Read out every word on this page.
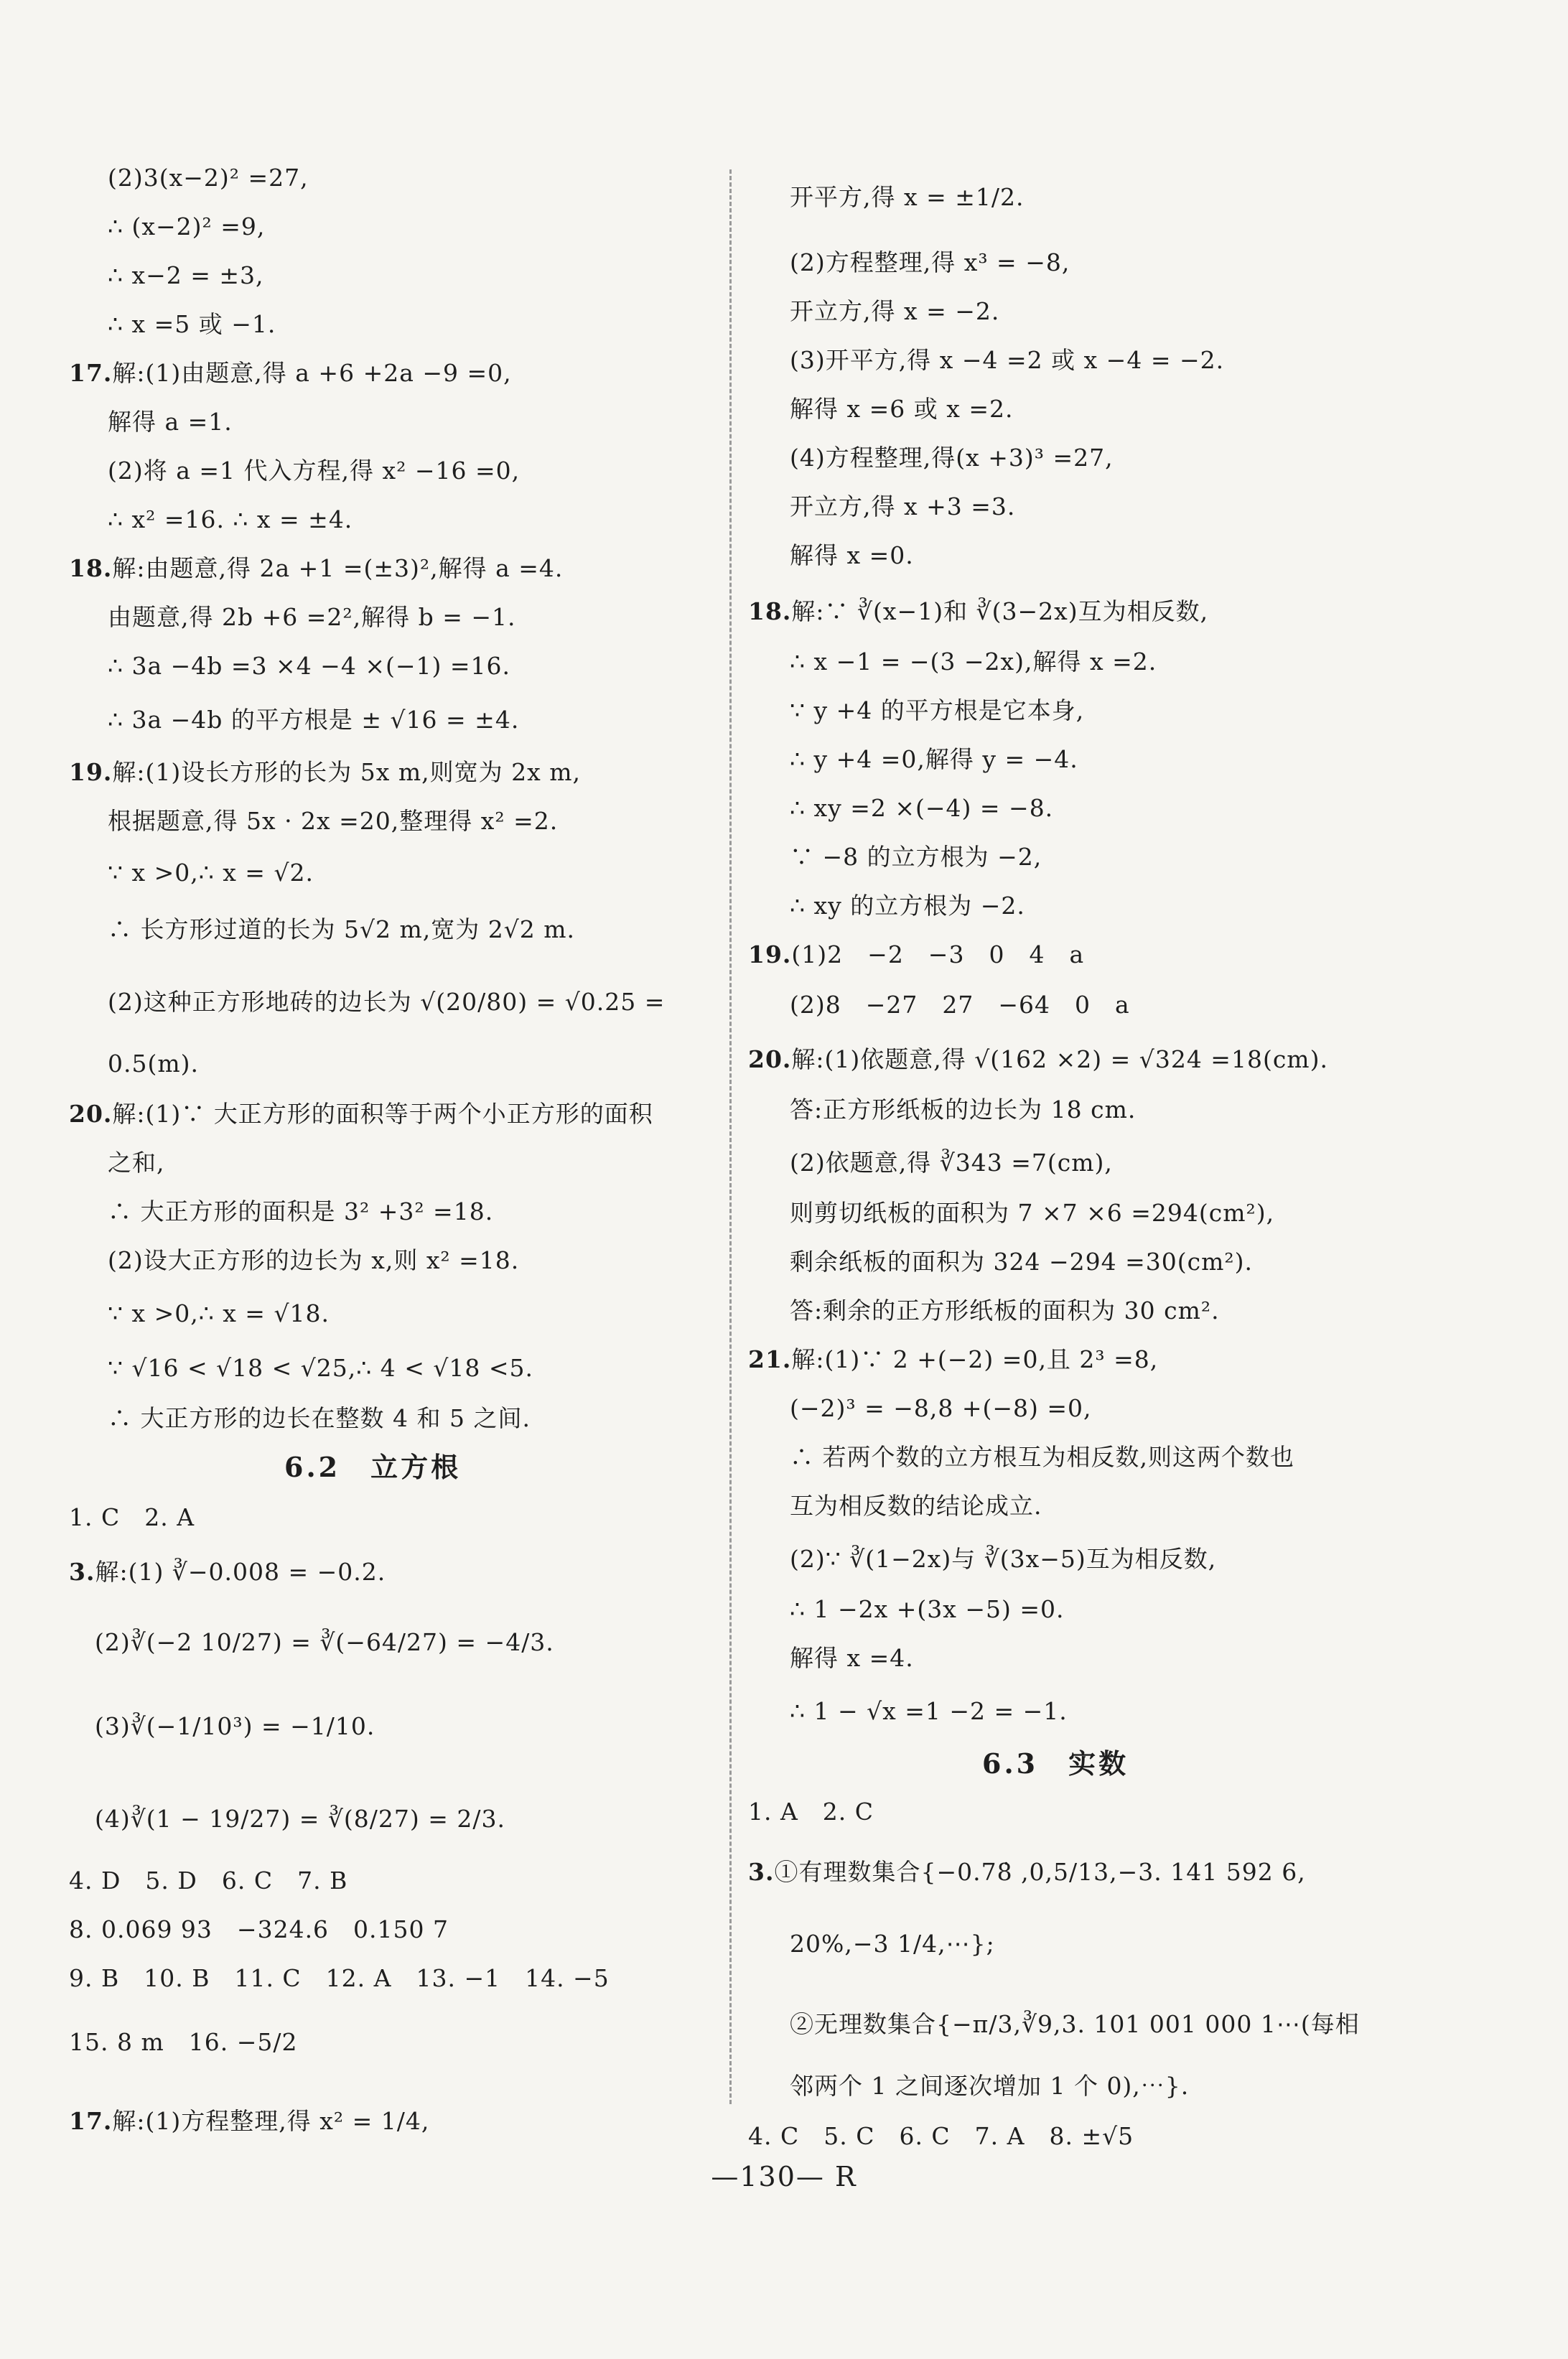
(2)3(x−2)² =27,
∴ (x−2)² =9,
∴ x−2 = ±3,
∴ x =5 或 −1.
17.解:(1)由题意,得 a +6 +2a −9 =0,
解得 a =1.
(2)将 a =1 代入方程,得 x² −16 =0,
∴ x² =16. ∴ x = ±4.
18.解:由题意,得 2a +1 =(±3)²,解得 a =4.
由题意,得 2b +6 =2²,解得 b = −1.
∴ 3a −4b =3 ×4 −4 ×(−1) =16.
∴ 3a −4b 的平方根是 ± √16 = ±4.
19.解:(1)设长方形的长为 5x m,则宽为 2x m,
根据题意,得 5x · 2x =20,整理得 x² =2.
∵ x >0,∴ x = √2.
∴ 长方形过道的长为 5√2 m,宽为 2√2 m.
(2)这种正方形地砖的边长为 √(20/80) = √0.25 =
0.5(m).
20.解:(1)∵ 大正方形的面积等于两个小正方形的面积
之和,
∴ 大正方形的面积是 3² +3² =18.
(2)设大正方形的边长为 x,则 x² =18.
∵ x >0,∴ x = √18.
∵ √16 < √18 < √25,∴ 4 < √18 <5.
∴ 大正方形的边长在整数 4 和 5 之间.
6.2　立方根
1. C　2. A
3.解:(1) ∛−0.008 = −0.2.
(2)∛(−2 10/27) = ∛(−64/27) = −4/3.
(3)∛(−1/10³) = −1/10.
(4)∛(1 − 19/27) = ∛(8/27) = 2/3.
4. D　5. D　6. C　7. B
8. 0.069 93　−324.6　0.150 7
9. B　10. B　11. C　12. A　13. −1　14. −5
15. 8 m　16. −5/2
17.解:(1)方程整理,得 x² = 1/4,
开平方,得 x = ±1/2.
(2)方程整理,得 x³ = −8,
开立方,得 x = −2.
(3)开平方,得 x −4 =2 或 x −4 = −2.
解得 x =6 或 x =2.
(4)方程整理,得(x +3)³ =27,
开立方,得 x +3 =3.
解得 x =0.
18.解:∵ ∛(x−1)和 ∛(3−2x)互为相反数,
∴ x −1 = −(3 −2x),解得 x =2.
∵ y +4 的平方根是它本身,
∴ y +4 =0,解得 y = −4.
∴ xy =2 ×(−4) = −8.
∵ −8 的立方根为 −2,
∴ xy 的立方根为 −2.
19.(1)2　−2　−3　0　4　a
(2)8　−27　27　−64　0　a
20.解:(1)依题意,得 √(162 ×2) = √324 =18(cm).
答:正方形纸板的边长为 18 cm.
(2)依题意,得 ∛343 =7(cm),
则剪切纸板的面积为 7 ×7 ×6 =294(cm²),
剩余纸板的面积为 324 −294 =30(cm²).
答:剩余的正方形纸板的面积为 30 cm².
21.解:(1)∵ 2 +(−2) =0,且 2³ =8,
(−2)³ = −8,8 +(−8) =0,
∴ 若两个数的立方根互为相反数,则这两个数也
互为相反数的结论成立.
(2)∵ ∛(1−2x)与 ∛(3x−5)互为相反数,
∴ 1 −2x +(3x −5) =0.
解得 x =4.
∴ 1 − √x =1 −2 = −1.
6.3　实数
1. A　2. C
3.①有理数集合{−0.78̇ ,0,5/13,−3. 141 592 6,
20%,−3 1/4,⋯};
②无理数集合{−π/3,∛9,3. 101 001 000 1⋯(每相
邻两个 1 之间逐次增加 1 个 0),⋯}.
4. C　5. C　6. C　7. A　8. ±√5
—130— R
